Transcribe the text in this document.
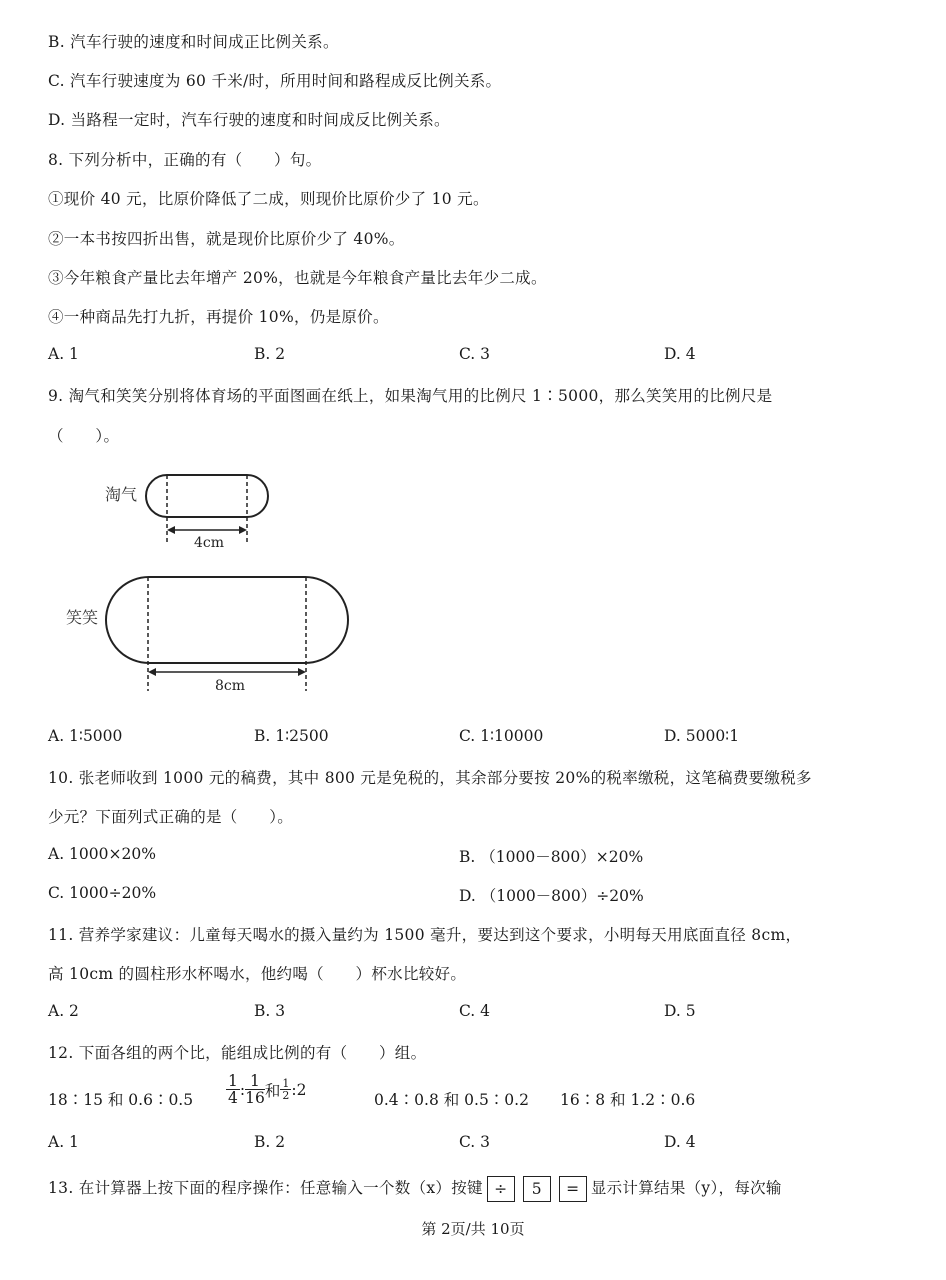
B. 汽车行驶的速度和时间成正比例关系。
C. 汽车行驶速度为 60 千米/时，所用时间和路程成反比例关系。
D. 当路程一定时，汽车行驶的速度和时间成反比例关系。
8. 下列分析中，正确的有（　　）句。
①现价 40 元，比原价降低了二成，则现价比原价少了 10 元。
②一本书按四折出售，就是现价比原价少了 40%。
③今年粮食产量比去年增产 20%，也就是今年粮食产量比去年少二成。
④一种商品先打九折，再提价 10%，仍是原价。
A. 1	B. 2	C. 3	D. 4
9. 淘气和笑笑分别将体育场的平面图画在纸上，如果淘气用的比例尺 1∶5000，那么笑笑用的比例尺是
（　　）。
淘气
4cm
笑笑
8cm
A. 1∶5000	B. 1∶2500	C. 1∶10000	D. 5000∶1
10. 张老师收到 1000 元的稿费，其中 800 元是免税的，其余部分要按 20%的税率缴税，这笔稿费要缴税多
少元？下面列式正确的是（　　）。
A. 1000×20%	B. （1000－800）×20%
C. 1000÷20%	D. （1000－800）÷20%
11. 营养学家建议：儿童每天喝水的摄入量约为 1500 毫升，要达到这个要求，小明每天用底面直径 8cm，
高 10cm 的圆柱形水杯喝水，他约喝（　　）杯水比较好。
A. 2	B. 3	C. 4	D. 5
12. 下面各组的两个比，能组成比例的有（　　）组。
18∶15 和 0.6∶0.5 $\frac{1}{4}$ : $\frac{1}{16}$ 和 $\frac{1}{2}$ :2
0.4∶0.8 和 0.5∶0.2 16∶8 和 1.2∶0.6
A. 1	B. 2	C. 3	D. 4
13. 在计算器上按下面的程序操作：任意输入一个数（x）按键 ÷ 5 = 显示计算结果（y），每次输
第 2页/共 10页
